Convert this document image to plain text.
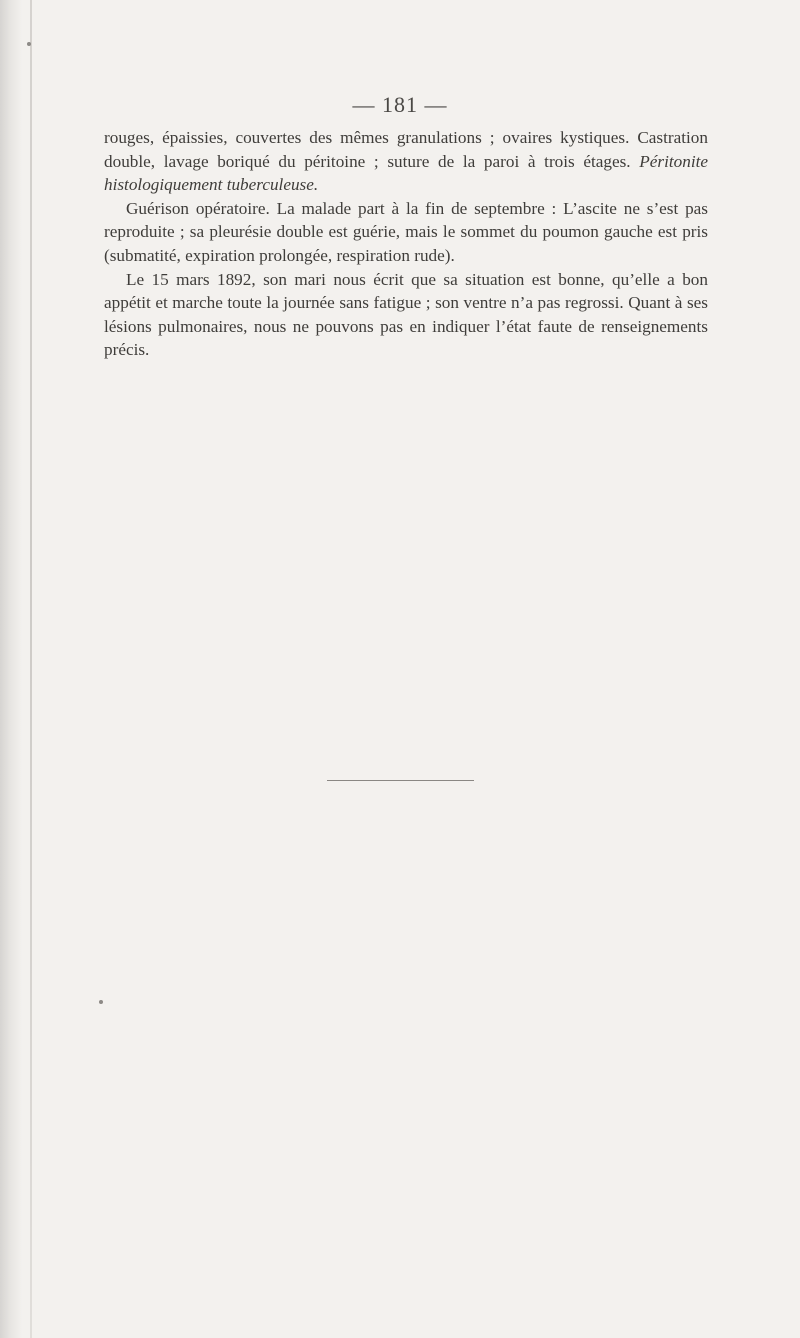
— 181 —

rouges, épaissies, couvertes des mêmes granulations ; ovaires kystiques. Castration double, lavage boriqué du péritoine ; suture de la paroi à trois étages. Péritonite histologiquement tuberculeuse.

Guérison opératoire. La malade part à la fin de septembre : L’ascite ne s’est pas reproduite ; sa pleurésie double est guérie, mais le sommet du poumon gauche est pris (submatité, expiration prolongée, respiration rude).

Le 15 mars 1892, son mari nous écrit que sa situation est bonne, qu’elle a bon appétit et marche toute la journée sans fatigue ; son ventre n’a pas regrossi. Quant à ses lésions pulmonaires, nous ne pouvons pas en indiquer l’état faute de renseignements précis.
